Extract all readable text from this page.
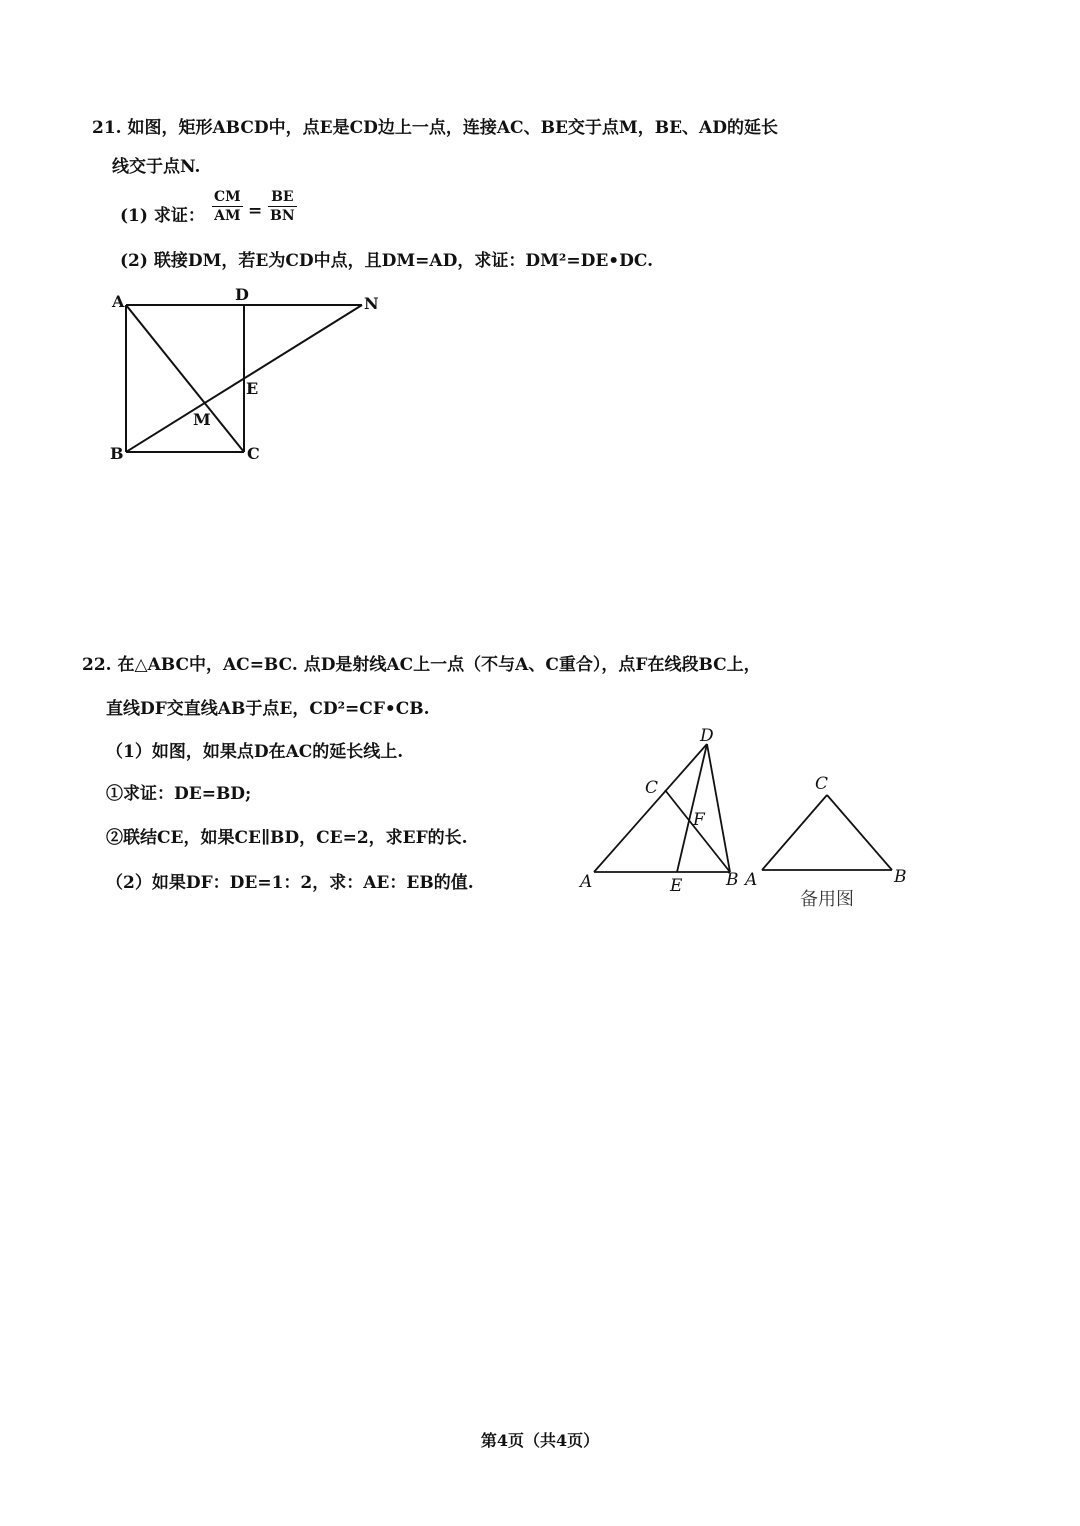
21. 如图，矩形ABCD中，点E是CD边上一点，连接AC、BE交于点M，BE、AD的延长
线交于点N.
(1) 求证：
CM
AM =
BE
BN
(2) 联接DM，若E为CD中点，且DM=AD，求证：DM²=DE•DC.
A	D	N
E
M
B	C
22. 在△ABC中，AC=BC. 点D是射线AC上一点（不与A、C重合），点F在线段BC上，
直线DF交直线AB于点E，CD²=CF•CB.
（1）如图，如果点D在AC的延长线上.
①求证：DE=BD;
②联结CE，如果CE∥BD，CE=2，求EF的长.
（2）如果DF：DE=1：2，求：AE：EB的值.
D
C
F
A	E	B
C
A	B
备用图
第4页（共4页）
